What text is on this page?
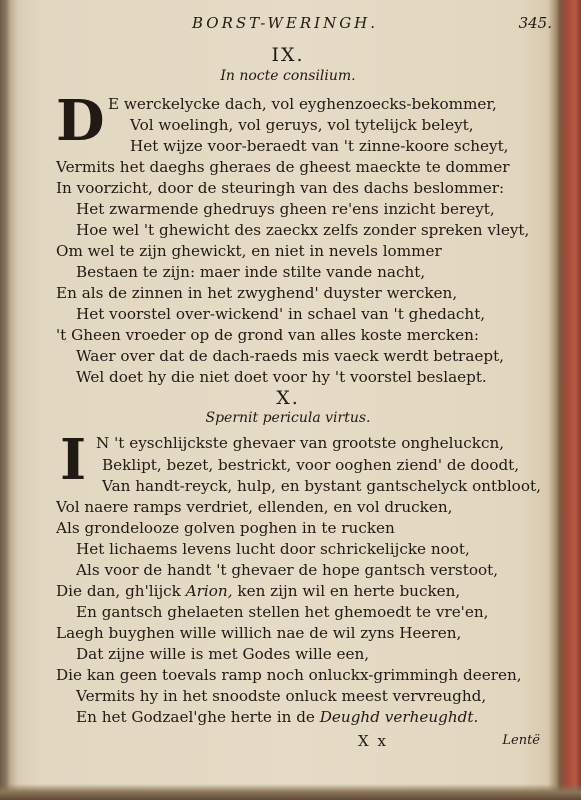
BORST-WERINGH.	345.
IX.
In nocte consilium.
D E werckelycke dach, vol eyghenzoecks-bekommer,
Vol woelingh, vol geruys, vol tytelijck beleyt,
Het wijze voor-beraedt van 't zinne-koore scheyt,
Vermits het daeghs gheraes de gheest maeckte te dommer
In voorzicht, door de steuringh van des dachs beslommer:
Het zwarmende ghedruys gheen re'ens inzicht bereyt,
Hoe wel 't ghewicht des zaeckx zelfs zonder spreken vleyt,
Om wel te zijn ghewickt, en niet in nevels lommer
Bestaen te zijn: maer inde stilte vande nacht,
En als de zinnen in het zwyghend' duyster wercken,
Het voorstel over-wickend' in schael van 't ghedacht,
't Gheen vroeder op de grond van alles koste mercken:
Waer over dat de dach-raeds mis vaeck werdt betraept,
Wel doet hy die niet doet voor hy 't voorstel beslaept.
X.
Spernit pericula virtus.
I N 't eyschlijckste ghevaer van grootste ongheluckcn,
Beklipt, bezet, bestrickt, voor ooghen ziend' de doodt,
Van handt-reyck, hulp, en bystant gantschelyck ontbloot,
Vol naere ramps verdriet, ellenden, en vol drucken,
Als grondelooze golven poghen in te rucken
Het lichaems levens lucht door schrickelijcke noot,
Als voor de handt 't ghevaer de hope gantsch verstoot,
Die dan, gh'lijck Arion, ken zijn wil en herte bucken,
En gantsch ghelaeten stellen het ghemoedt te vre'en,
Laegh buyghen wille willich nae de wil zyns Heeren,
Dat zijne wille is met Godes wille een,
Die kan geen toevals ramp noch onluckx-grimmingh deeren,
Vermits hy in het snoodste onluck meest vervreughd,
En het Godzael'ghe herte in de Deughd verheughdt.
X x	Lentë
